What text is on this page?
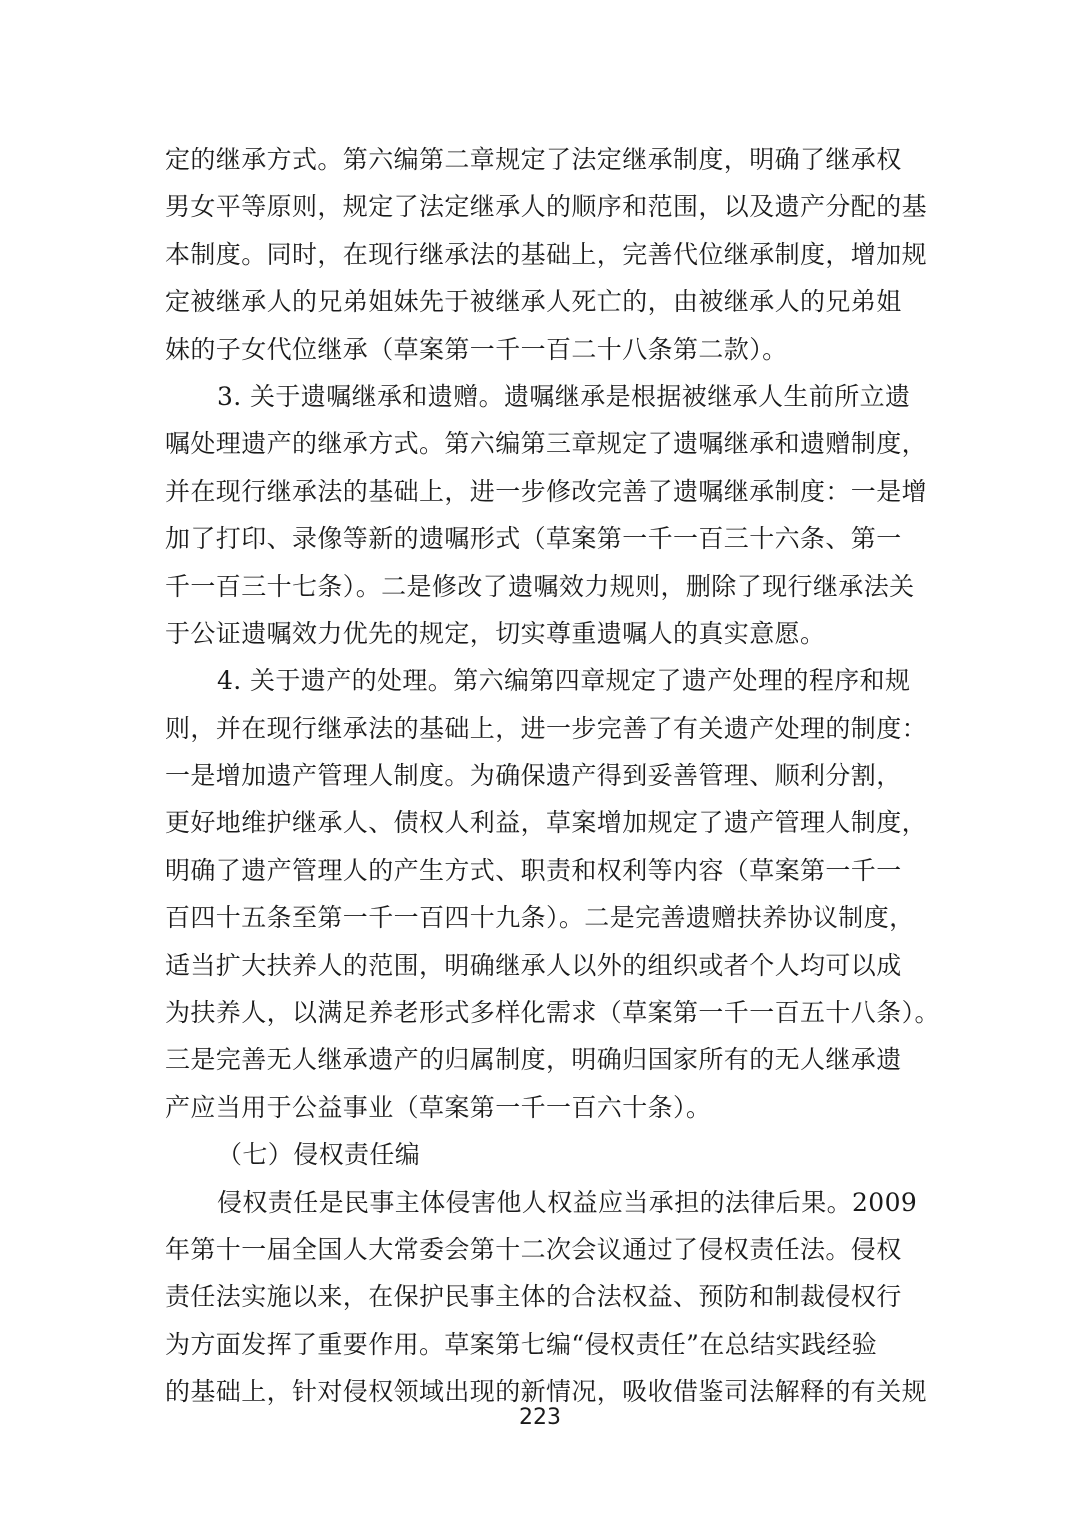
定的继承方式。第六编第二章规定了法定继承制度，明确了继承权
男女平等原则，规定了法定继承人的顺序和范围，以及遗产分配的基
本制度。同时，在现行继承法的基础上，完善代位继承制度，增加规
定被继承人的兄弟姐妹先于被继承人死亡的，由被继承人的兄弟姐
妹的子女代位继承（草案第一千一百二十八条第二款）。
3. 关于遗嘱继承和遗赠。遗嘱继承是根据被继承人生前所立遗
嘱处理遗产的继承方式。第六编第三章规定了遗嘱继承和遗赠制度，
并在现行继承法的基础上，进一步修改完善了遗嘱继承制度：一是增
加了打印、录像等新的遗嘱形式（草案第一千一百三十六条、第一
千一百三十七条）。二是修改了遗嘱效力规则，删除了现行继承法关
于公证遗嘱效力优先的规定，切实尊重遗嘱人的真实意愿。
4. 关于遗产的处理。第六编第四章规定了遗产处理的程序和规
则，并在现行继承法的基础上，进一步完善了有关遗产处理的制度：
一是增加遗产管理人制度。为确保遗产得到妥善管理、顺利分割，
更好地维护继承人、债权人利益，草案增加规定了遗产管理人制度，
明确了遗产管理人的产生方式、职责和权利等内容（草案第一千一
百四十五条至第一千一百四十九条）。二是完善遗赠扶养协议制度，
适当扩大扶养人的范围，明确继承人以外的组织或者个人均可以成
为扶养人，以满足养老形式多样化需求（草案第一千一百五十八条）。
三是完善无人继承遗产的归属制度，明确归国家所有的无人继承遗
产应当用于公益事业（草案第一千一百六十条）。
（七）侵权责任编
侵权责任是民事主体侵害他人权益应当承担的法律后果。2009
年第十一届全国人大常委会第十二次会议通过了侵权责任法。侵权
责任法实施以来，在保护民事主体的合法权益、预防和制裁侵权行
为方面发挥了重要作用。草案第七编“侵权责任”在总结实践经验
的基础上，针对侵权领域出现的新情况，吸收借鉴司法解释的有关规
223
